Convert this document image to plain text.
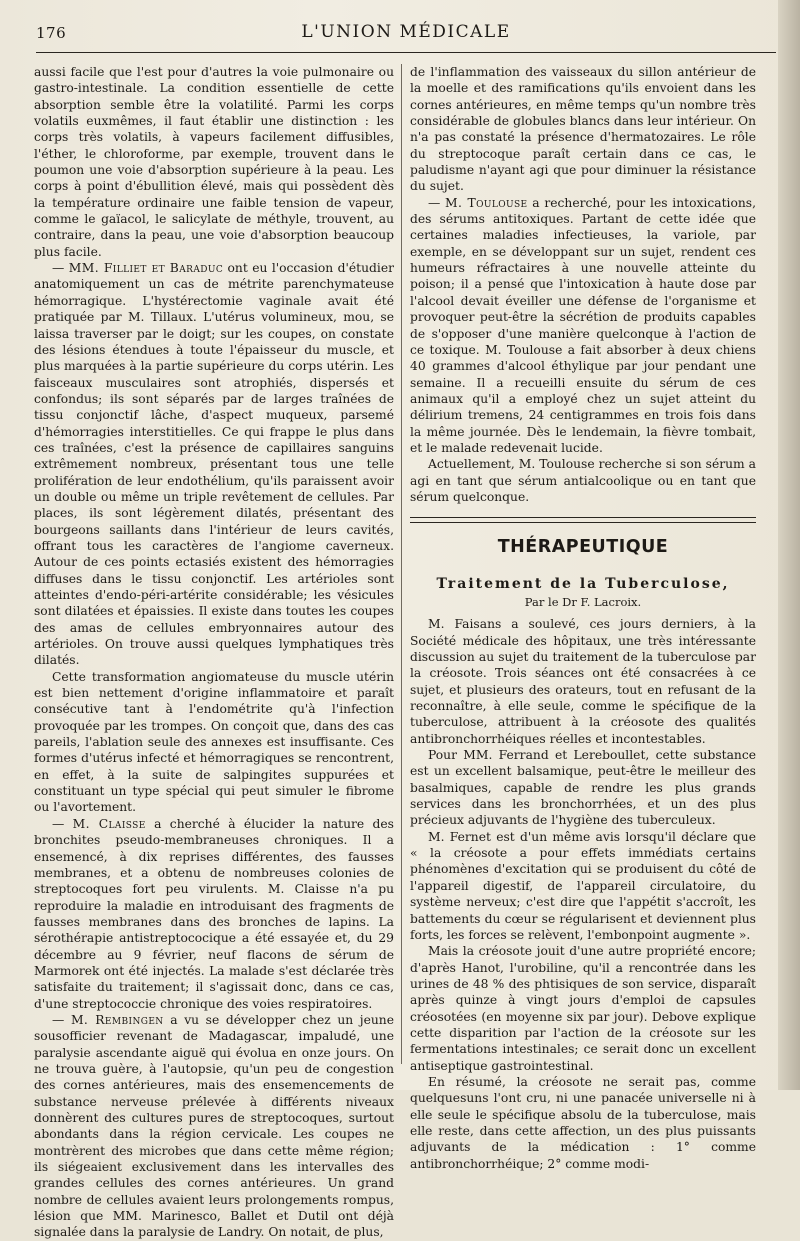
176	L'UNION MÉDICALE

aussi facile que l'est pour d'autres la voie pulmonaire ou gastro-intestinale. La condition essentielle de cette absorption semble être la volatilité. Parmi les corps volatils euxmêmes, il faut établir une distinction : les corps très volatils, à vapeurs facilement diffusibles, l'éther, le chloroforme, par exemple, trouvent dans le poumon une voie d'absorption supérieure à la peau. Les corps à point d'ébullition élevé, mais qui possèdent dès la température ordinaire une faible tension de vapeur, comme le gaïacol, le salicylate de méthyle, trouvent, au contraire, dans la peau, une voie d'absorption beaucoup plus facile.

— MM. Filliet et Baraduc ont eu l'occasion d'étudier anatomiquement un cas de métrite parenchymateuse hémorragique. L'hystérectomie vaginale avait été pratiquée par M. Tillaux. L'utérus volumineux, mou, se laissa traverser par le doigt; sur les coupes, on constate des lésions étendues à toute l'épaisseur du muscle, et plus marquées à la partie supérieure du corps utérin. Les faisceaux musculaires sont atrophiés, dispersés et confondus; ils sont séparés par de larges traînées de tissu conjonctif lâche, d'aspect muqueux, parsemé d'hémorragies interstitielles. Ce qui frappe le plus dans ces traînées, c'est la présence de capillaires sanguins extrêmement nombreux, présentant tous une telle prolifération de leur endothélium, qu'ils paraissent avoir un double ou même un triple revêtement de cellules. Par places, ils sont légèrement dilatés, présentant des bourgeons saillants dans l'intérieur de leurs cavités, offrant tous les caractères de l'angiome caverneux. Autour de ces points ectasiés existent des hémorragies diffuses dans le tissu conjonctif. Les artérioles sont atteintes d'endo-péri-artérite considérable; les vésicules sont dilatées et épaissies. Il existe dans toutes les coupes des amas de cellules embryonnaires autour des artérioles. On trouve aussi quelques lymphatiques très dilatés.

Cette transformation angiomateuse du muscle utérin est bien nettement d'origine inflammatoire et paraît consécutive tant à l'endométrite qu'à l'infection provoquée par les trompes. On conçoit que, dans des cas pareils, l'ablation seule des annexes est insuffisante. Ces formes d'utérus infecté et hémorragiques se rencontrent, en effet, à la suite de salpingites suppurées et constituant un type spécial qui peut simuler le fibrome ou l'avortement.

— M. Claisse a cherché à élucider la nature des bronchites pseudo-membraneuses chroniques. Il a ensemencé, à dix reprises différentes, des fausses membranes, et a obtenu de nombreuses colonies de streptocoques fort peu virulents. M. Claisse n'a pu reproduire la maladie en introduisant des fragments de fausses membranes dans des bronches de lapins. La sérothérapie antistreptococique a été essayée et, du 29 décembre au 9 février, neuf flacons de sérum de Marmorek ont été injectés. La malade s'est déclarée très satisfaite du traitement; il s'agissait donc, dans ce cas, d'une streptococcie chronique des voies respiratoires.

— M. Rembingen a vu se développer chez un jeune sousofficier revenant de Madagascar, impaludé, une paralysie ascendante aiguë qui évolua en onze jours. On ne trouva guère, à l'autopsie, qu'un peu de congestion des cornes antérieures, mais des ensemencements de substance nerveuse prélevée à différents niveaux donnèrent des cultures pures de streptocoques, surtout abondants dans la région cervicale. Les coupes ne montrèrent des microbes que dans cette même région; ils siégeaient exclusivement dans les intervalles des grandes cellules des cornes antérieures. Un grand nombre de cellules avaient leurs prolongements rompus, lésion que MM. Marinesco, Ballet et Dutil ont déjà signalée dans la paralysie de Landry. On notait, de plus,

de l'inflammation des vaisseaux du sillon antérieur de la moelle et des ramifications qu'ils envoient dans les cornes antérieures, en même temps qu'un nombre très considérable de globules blancs dans leur intérieur. On n'a pas constaté la présence d'hermatozaires. Le rôle du streptocoque paraît certain dans ce cas, le paludisme n'ayant agi que pour diminuer la résistance du sujet.

— M. Toulouse a recherché, pour les intoxications, des sérums antitoxiques. Partant de cette idée que certaines maladies infectieuses, la variole, par exemple, en se développant sur un sujet, rendent ces humeurs réfractaires à une nouvelle atteinte du poison; il a pensé que l'intoxication à haute dose par l'alcool devait éveiller une défense de l'organisme et provoquer peut-être la sécrétion de produits capables de s'opposer d'une manière quelconque à l'action de ce toxique. M. Toulouse a fait absorber à deux chiens 40 grammes d'alcool éthylique par jour pendant une semaine. Il a recueilli ensuite du sérum de ces animaux qu'il a employé chez un sujet atteint du délirium tremens, 24 centigrammes en trois fois dans la même journée. Dès le lendemain, la fièvre tombait, et le malade redevenait lucide.

Actuellement, M. Toulouse recherche si son sérum a agi en tant que sérum antialcoolique ou en tant que sérum quelconque.

THÉRAPEUTIQUE
Traitement de la Tuberculose,
Par le Dr F. Lacroix.

M. Faisans a soulevé, ces jours derniers, à la Société médicale des hôpitaux, une très intéressante discussion au sujet du traitement de la tuberculose par la créosote. Trois séances ont été consacrées à ce sujet, et plusieurs des orateurs, tout en refusant de la reconnaître, à elle seule, comme le spécifique de la tuberculose, attribuent à la créosote des qualités antibronchorrhéiques réelles et incontestables.

Pour MM. Ferrand et Lereboullet, cette substance est un excellent balsamique, peut-être le meilleur des basalmiques, capable de rendre les plus grands services dans les bronchorrhées, et un des plus précieux adjuvants de l'hygiène des tuberculeux.

M. Fernet est d'un même avis lorsqu'il déclare que « la créosote a pour effets immédiats certains phénomènes d'excitation qui se produisent du côté de l'appareil digestif, de l'appareil circulatoire, du système nerveux; c'est dire que l'appétit s'accroît, les battements du cœur se régularisent et deviennent plus forts, les forces se relèvent, l'embonpoint augmente ».

Mais la créosote jouit d'une autre propriété encore; d'après Hanot, l'urobiline, qu'il a rencontrée dans les urines de 48 % des phtisiques de son service, disparaît après quinze à vingt jours d'emploi de capsules créosotées (en moyenne six par jour). Debove explique cette disparition par l'action de la créosote sur les fermentations intestinales; ce serait donc un excellent antiseptique gastrointestinal.

En résumé, la créosote ne serait pas, comme quelquesuns l'ont cru, ni une panacée universelle ni à elle seule le spécifique absolu de la tuberculose, mais elle reste, dans cette affection, un des plus puissants adjuvants de la médication : 1° comme antibronchorrhéique; 2° comme modi-
